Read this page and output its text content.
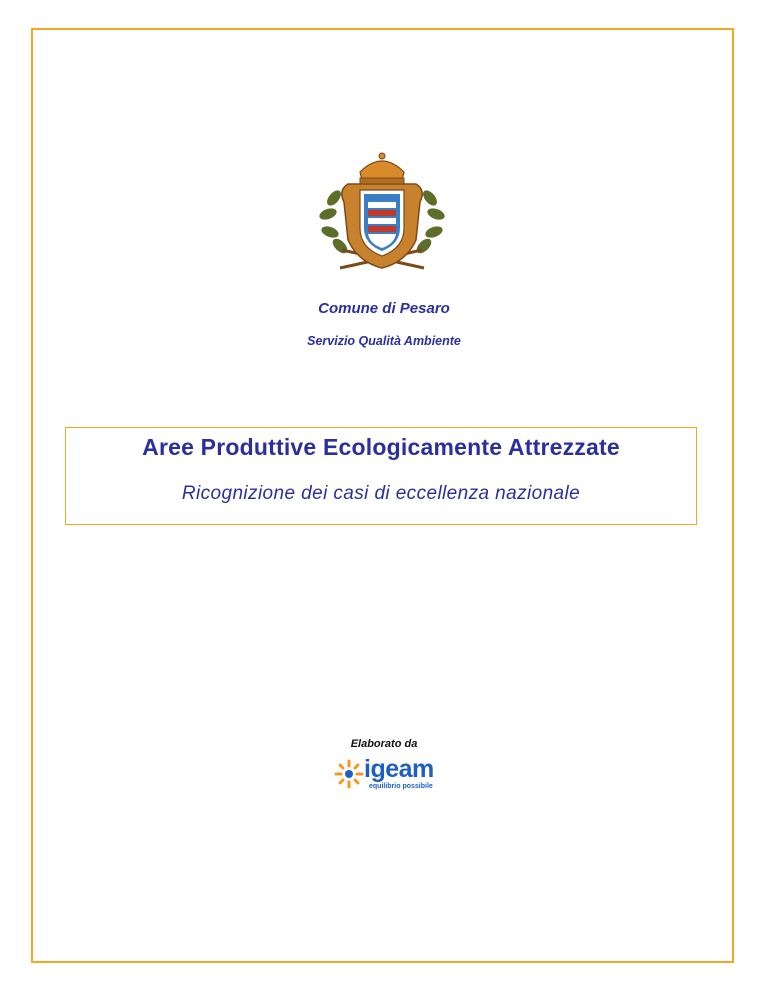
Comune di Pesaro
Servizio Qualità Ambiente
Aree Produttive Ecologicamente Attrezzate
Ricognizione dei casi di eccellenza nazionale
Elaborato da
igeam
equilibrio possibile
